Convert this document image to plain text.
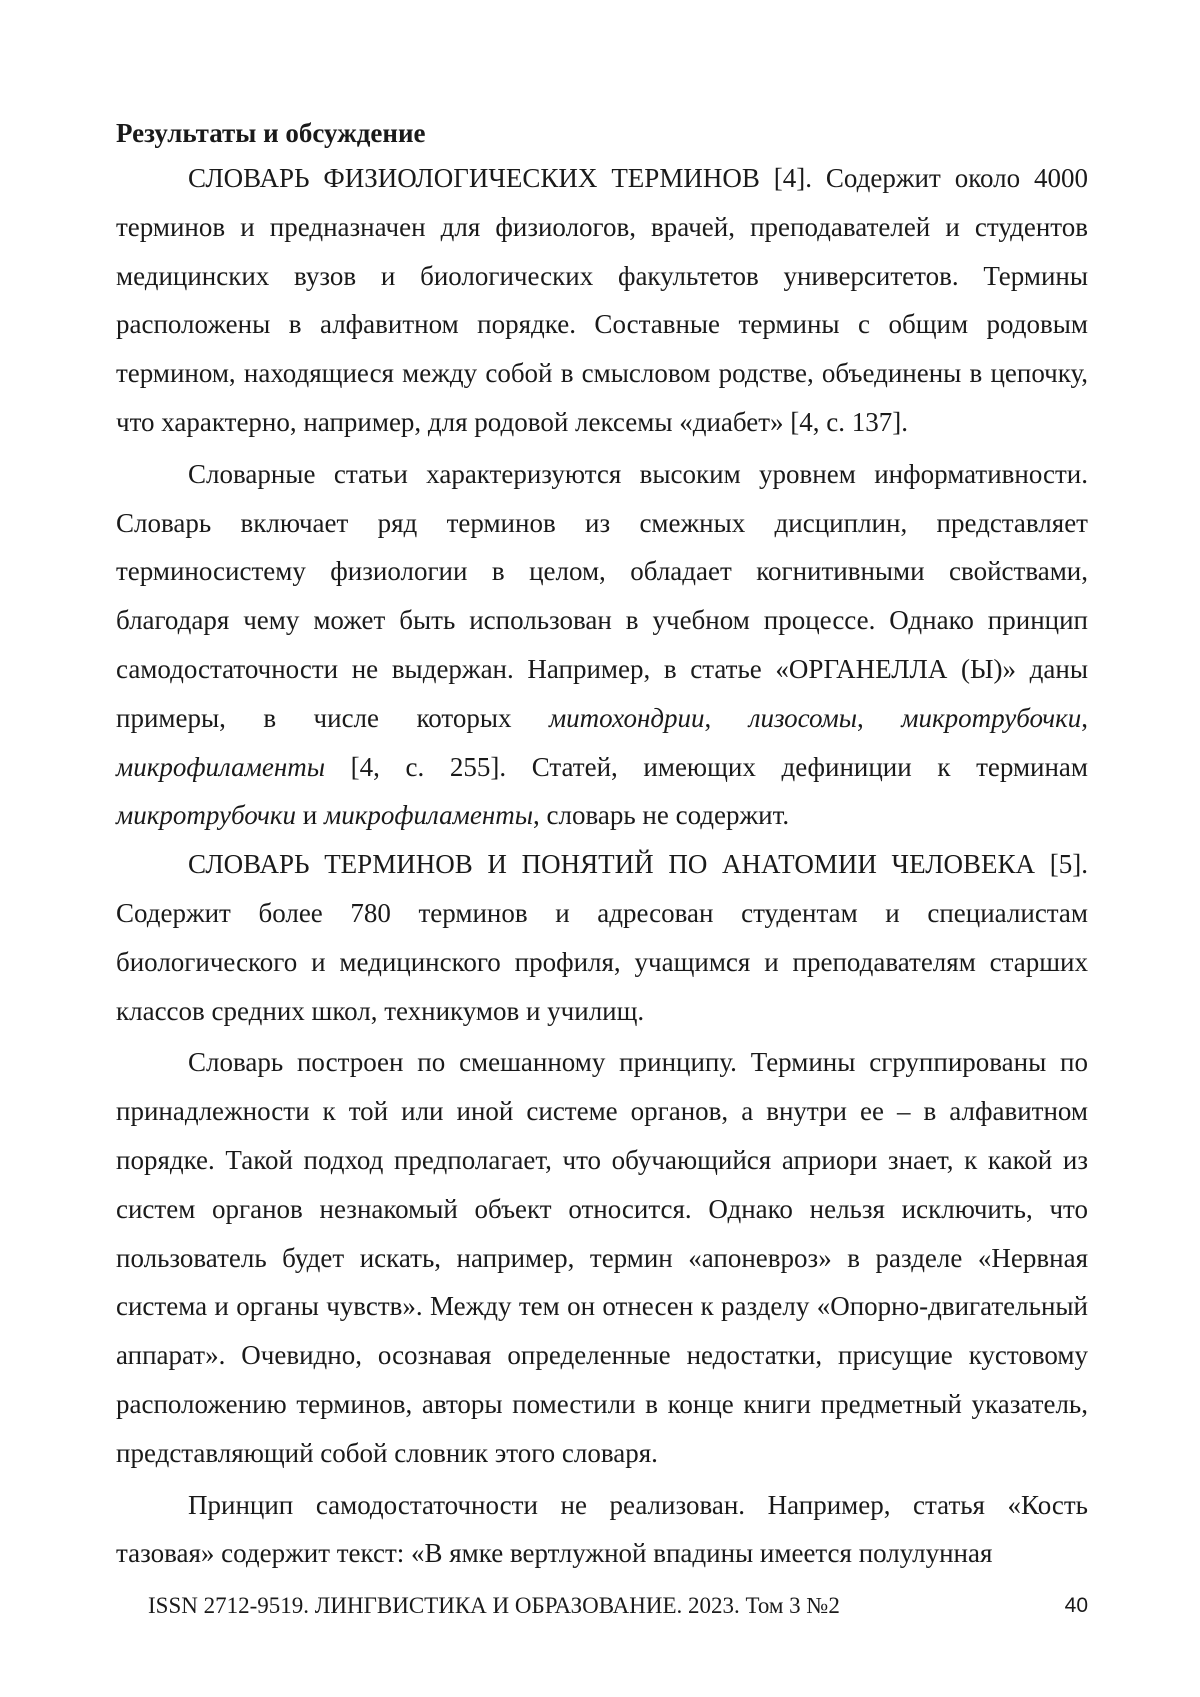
Результаты и обсуждение

СЛОВАРЬ ФИЗИОЛОГИЧЕСКИХ ТЕРМИНОВ [4]. Содержит около 4000 терминов и предназначен для физиологов, врачей, преподавателей и студентов медицинских вузов и биологических факультетов университетов. Термины расположены в алфавитном порядке. Составные термины с общим родовым термином, находящиеся между собой в смысловом родстве, объединены в цепочку, что характерно, например, для родовой лексемы «диабет» [4, с. 137].

Словарные статьи характеризуются высоким уровнем информативности. Словарь включает ряд терминов из смежных дисциплин, представляет терминосистему физиологии в целом, обладает когнитивными свойствами, благодаря чему может быть использован в учебном процессе. Однако принцип самодостаточности не выдержан. Например, в статье «ОРГАНЕЛЛА (Ы)» даны примеры, в числе которых митохондрии, лизосомы, микротрубочки, микрофиламенты [4, с. 255]. Статей, имеющих дефиниции к терминам микротрубочки и микрофиламенты, словарь не содержит.

СЛОВАРЬ ТЕРМИНОВ И ПОНЯТИЙ ПО АНАТОМИИ ЧЕЛОВЕКА [5]. Содержит более 780 терминов и адресован студентам и специалистам биологического и медицинского профиля, учащимся и преподавателям старших классов средних школ, техникумов и училищ.

Словарь построен по смешанному принципу. Термины сгруппированы по принадлежности к той или иной системе органов, а внутри ее – в алфавитном порядке. Такой подход предполагает, что обучающийся априори знает, к какой из систем органов незнакомый объект относится. Однако нельзя исключить, что пользователь будет искать, например, термин «апоневроз» в разделе «Нервная система и органы чувств». Между тем он отнесен к разделу «Опорно-двигательный аппарат». Очевидно, осознавая определенные недостатки, присущие кустовому расположению терминов, авторы поместили в конце книги предметный указатель, представляющий собой словник этого словаря.

Принцип самодостаточности не реализован. Например, статья «Кость тазовая» содержит текст: «В ямке вертлужной впадины имеется полулунная

ISSN 2712-9519. ЛИНГВИСТИКА И ОБРАЗОВАНИЕ. 2023. Том 3 №2	40
